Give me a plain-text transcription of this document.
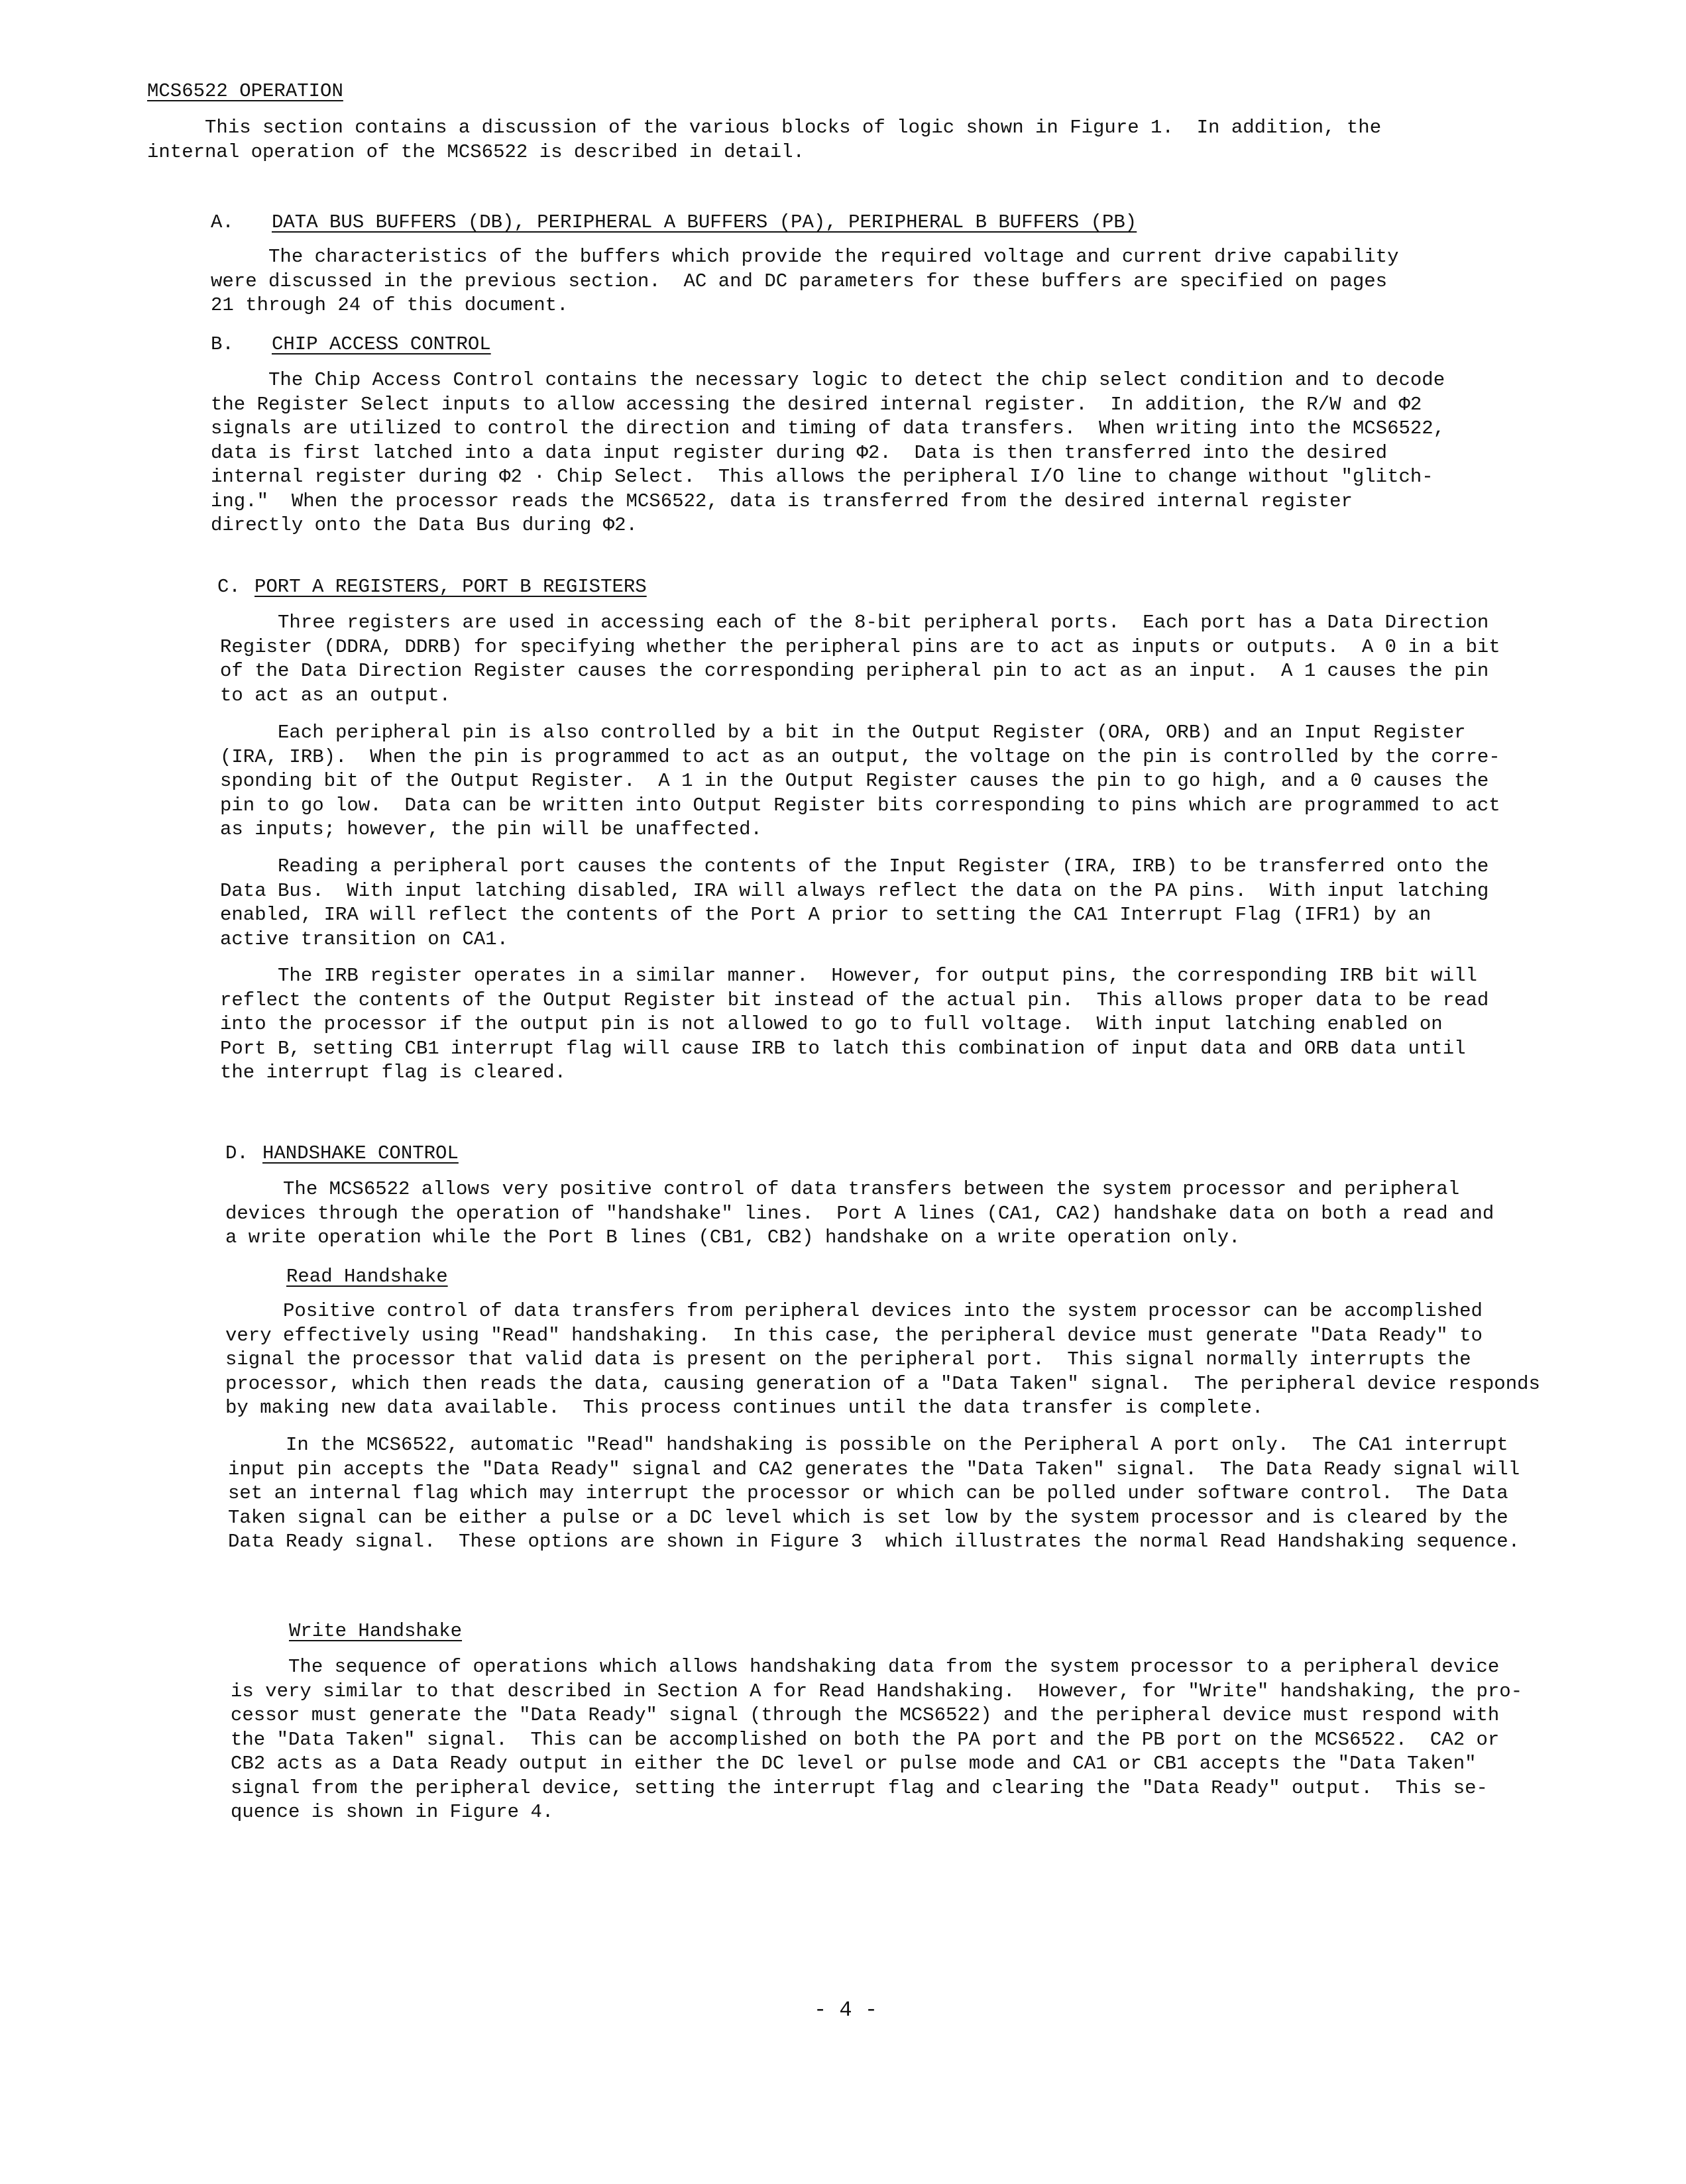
MCS6522 OPERATION
This section contains a discussion of the various blocks of logic shown in Figure 1.  In addition, the
internal operation of the MCS6522 is described in detail.
A. DATA BUS BUFFERS (DB), PERIPHERAL A BUFFERS (PA), PERIPHERAL B BUFFERS (PB)
The characteristics of the buffers which provide the required voltage and current drive capability
were discussed in the previous section.  AC and DC parameters for these buffers are specified on pages
21 through 24 of this document.
B. CHIP ACCESS CONTROL
The Chip Access Control contains the necessary logic to detect the chip select condition and to decode
the Register Select inputs to allow accessing the desired internal register.  In addition, the R/W and Φ2
signals are utilized to control the direction and timing of data transfers.  When writing into the MCS6522,
data is first latched into a data input register during Φ2.  Data is then transferred into the desired
internal register during Φ2 · Chip Select.  This allows the peripheral I/O line to change without "glitch-
ing."  When the processor reads the MCS6522, data is transferred from the desired internal register
directly onto the Data Bus during Φ2.
C. PORT A REGISTERS, PORT B REGISTERS
Three registers are used in accessing each of the 8-bit peripheral ports.  Each port has a Data Direction
Register (DDRA, DDRB) for specifying whether the peripheral pins are to act as inputs or outputs.  A 0 in a bit
of the Data Direction Register causes the corresponding peripheral pin to act as an input.  A 1 causes the pin
to act as an output.
Each peripheral pin is also controlled by a bit in the Output Register (ORA, ORB) and an Input Register
(IRA, IRB).  When the pin is programmed to act as an output, the voltage on the pin is controlled by the corre-
sponding bit of the Output Register.  A 1 in the Output Register causes the pin to go high, and a 0 causes the
pin to go low.  Data can be written into Output Register bits corresponding to pins which are programmed to act
as inputs; however, the pin will be unaffected.
Reading a peripheral port causes the contents of the Input Register (IRA, IRB) to be transferred onto the
Data Bus.  With input latching disabled, IRA will always reflect the data on the PA pins.  With input latching
enabled, IRA will reflect the contents of the Port A prior to setting the CA1 Interrupt Flag (IFR1) by an
active transition on CA1.
The IRB register operates in a similar manner.  However, for output pins, the corresponding IRB bit will
reflect the contents of the Output Register bit instead of the actual pin.  This allows proper data to be read
into the processor if the output pin is not allowed to go to full voltage.  With input latching enabled on
Port B, setting CB1 interrupt flag will cause IRB to latch this combination of input data and ORB data until
the interrupt flag is cleared.
D. HANDSHAKE CONTROL
The MCS6522 allows very positive control of data transfers between the system processor and peripheral
devices through the operation of "handshake" lines.  Port A lines (CA1, CA2) handshake data on both a read and
a write operation while the Port B lines (CB1, CB2) handshake on a write operation only.
Read Handshake
Positive control of data transfers from peripheral devices into the system processor can be accomplished
very effectively using "Read" handshaking.  In this case, the peripheral device must generate "Data Ready" to
signal the processor that valid data is present on the peripheral port.  This signal normally interrupts the
processor, which then reads the data, causing generation of a "Data Taken" signal.  The peripheral device responds
by making new data available.  This process continues until the data transfer is complete.
In the MCS6522, automatic "Read" handshaking is possible on the Peripheral A port only.  The CA1 interrupt
input pin accepts the "Data Ready" signal and CA2 generates the "Data Taken" signal.  The Data Ready signal will
set an internal flag which may interrupt the processor or which can be polled under software control.  The Data
Taken signal can be either a pulse or a DC level which is set low by the system processor and is cleared by the
Data Ready signal.  These options are shown in Figure 3  which illustrates the normal Read Handshaking sequence.
Write Handshake
The sequence of operations which allows handshaking data from the system processor to a peripheral device
is very similar to that described in Section A for Read Handshaking.  However, for "Write" handshaking, the pro-
cessor must generate the "Data Ready" signal (through the MCS6522) and the peripheral device must respond with
the "Data Taken" signal.  This can be accomplished on both the PA port and the PB port on the MCS6522.  CA2 or
CB2 acts as a Data Ready output in either the DC level or pulse mode and CA1 or CB1 accepts the "Data Taken"
signal from the peripheral device, setting the interrupt flag and clearing the "Data Ready" output.  This se-
quence is shown in Figure 4.
- 4 -
